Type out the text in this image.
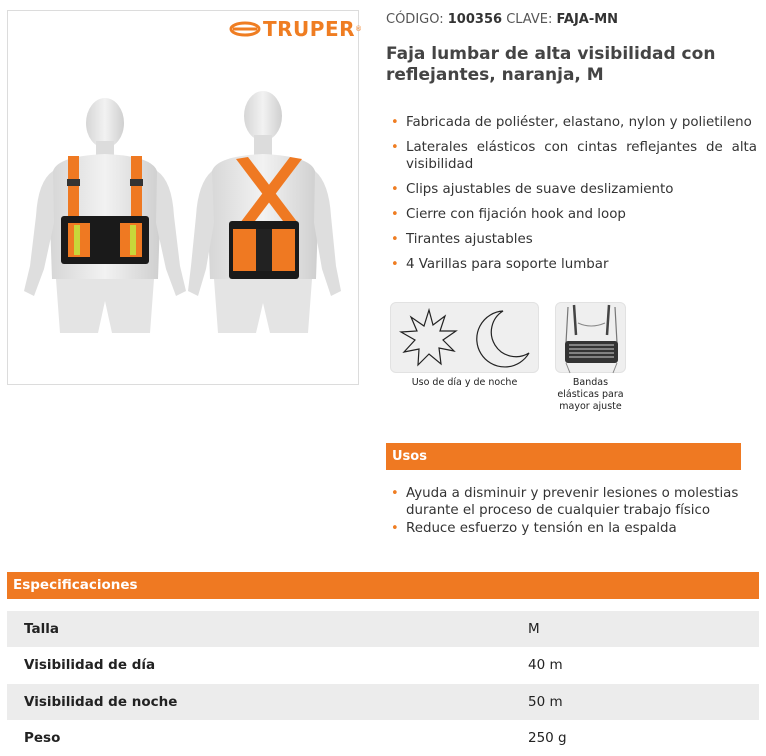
TRUPER ®
CÓDIGO: 100356 CLAVE: FAJA-MN
Faja lumbar de alta visibilidad con
reflejantes, naranja, M
• Fabricada de poliéster, elastano, nylon y polietileno
• Laterales elásticos con cintas reflejantes de alta visibilidad
• Clips ajustables de suave deslizamiento
• Cierre con fijación hook and loop
• Tirantes ajustables
• 4 Varillas para soporte lumbar
Uso de día y de noche	Bandas
elásticas para
mayor ajuste
Usos
• Ayuda a disminuir y prevenir lesiones o molestias durante el proceso de cualquier trabajo físico
• Reduce esfuerzo y tensión en la espalda
Especificaciones
Talla	M
Visibilidad de día	40 m
Visibilidad de noche	50 m
Peso	250 g
